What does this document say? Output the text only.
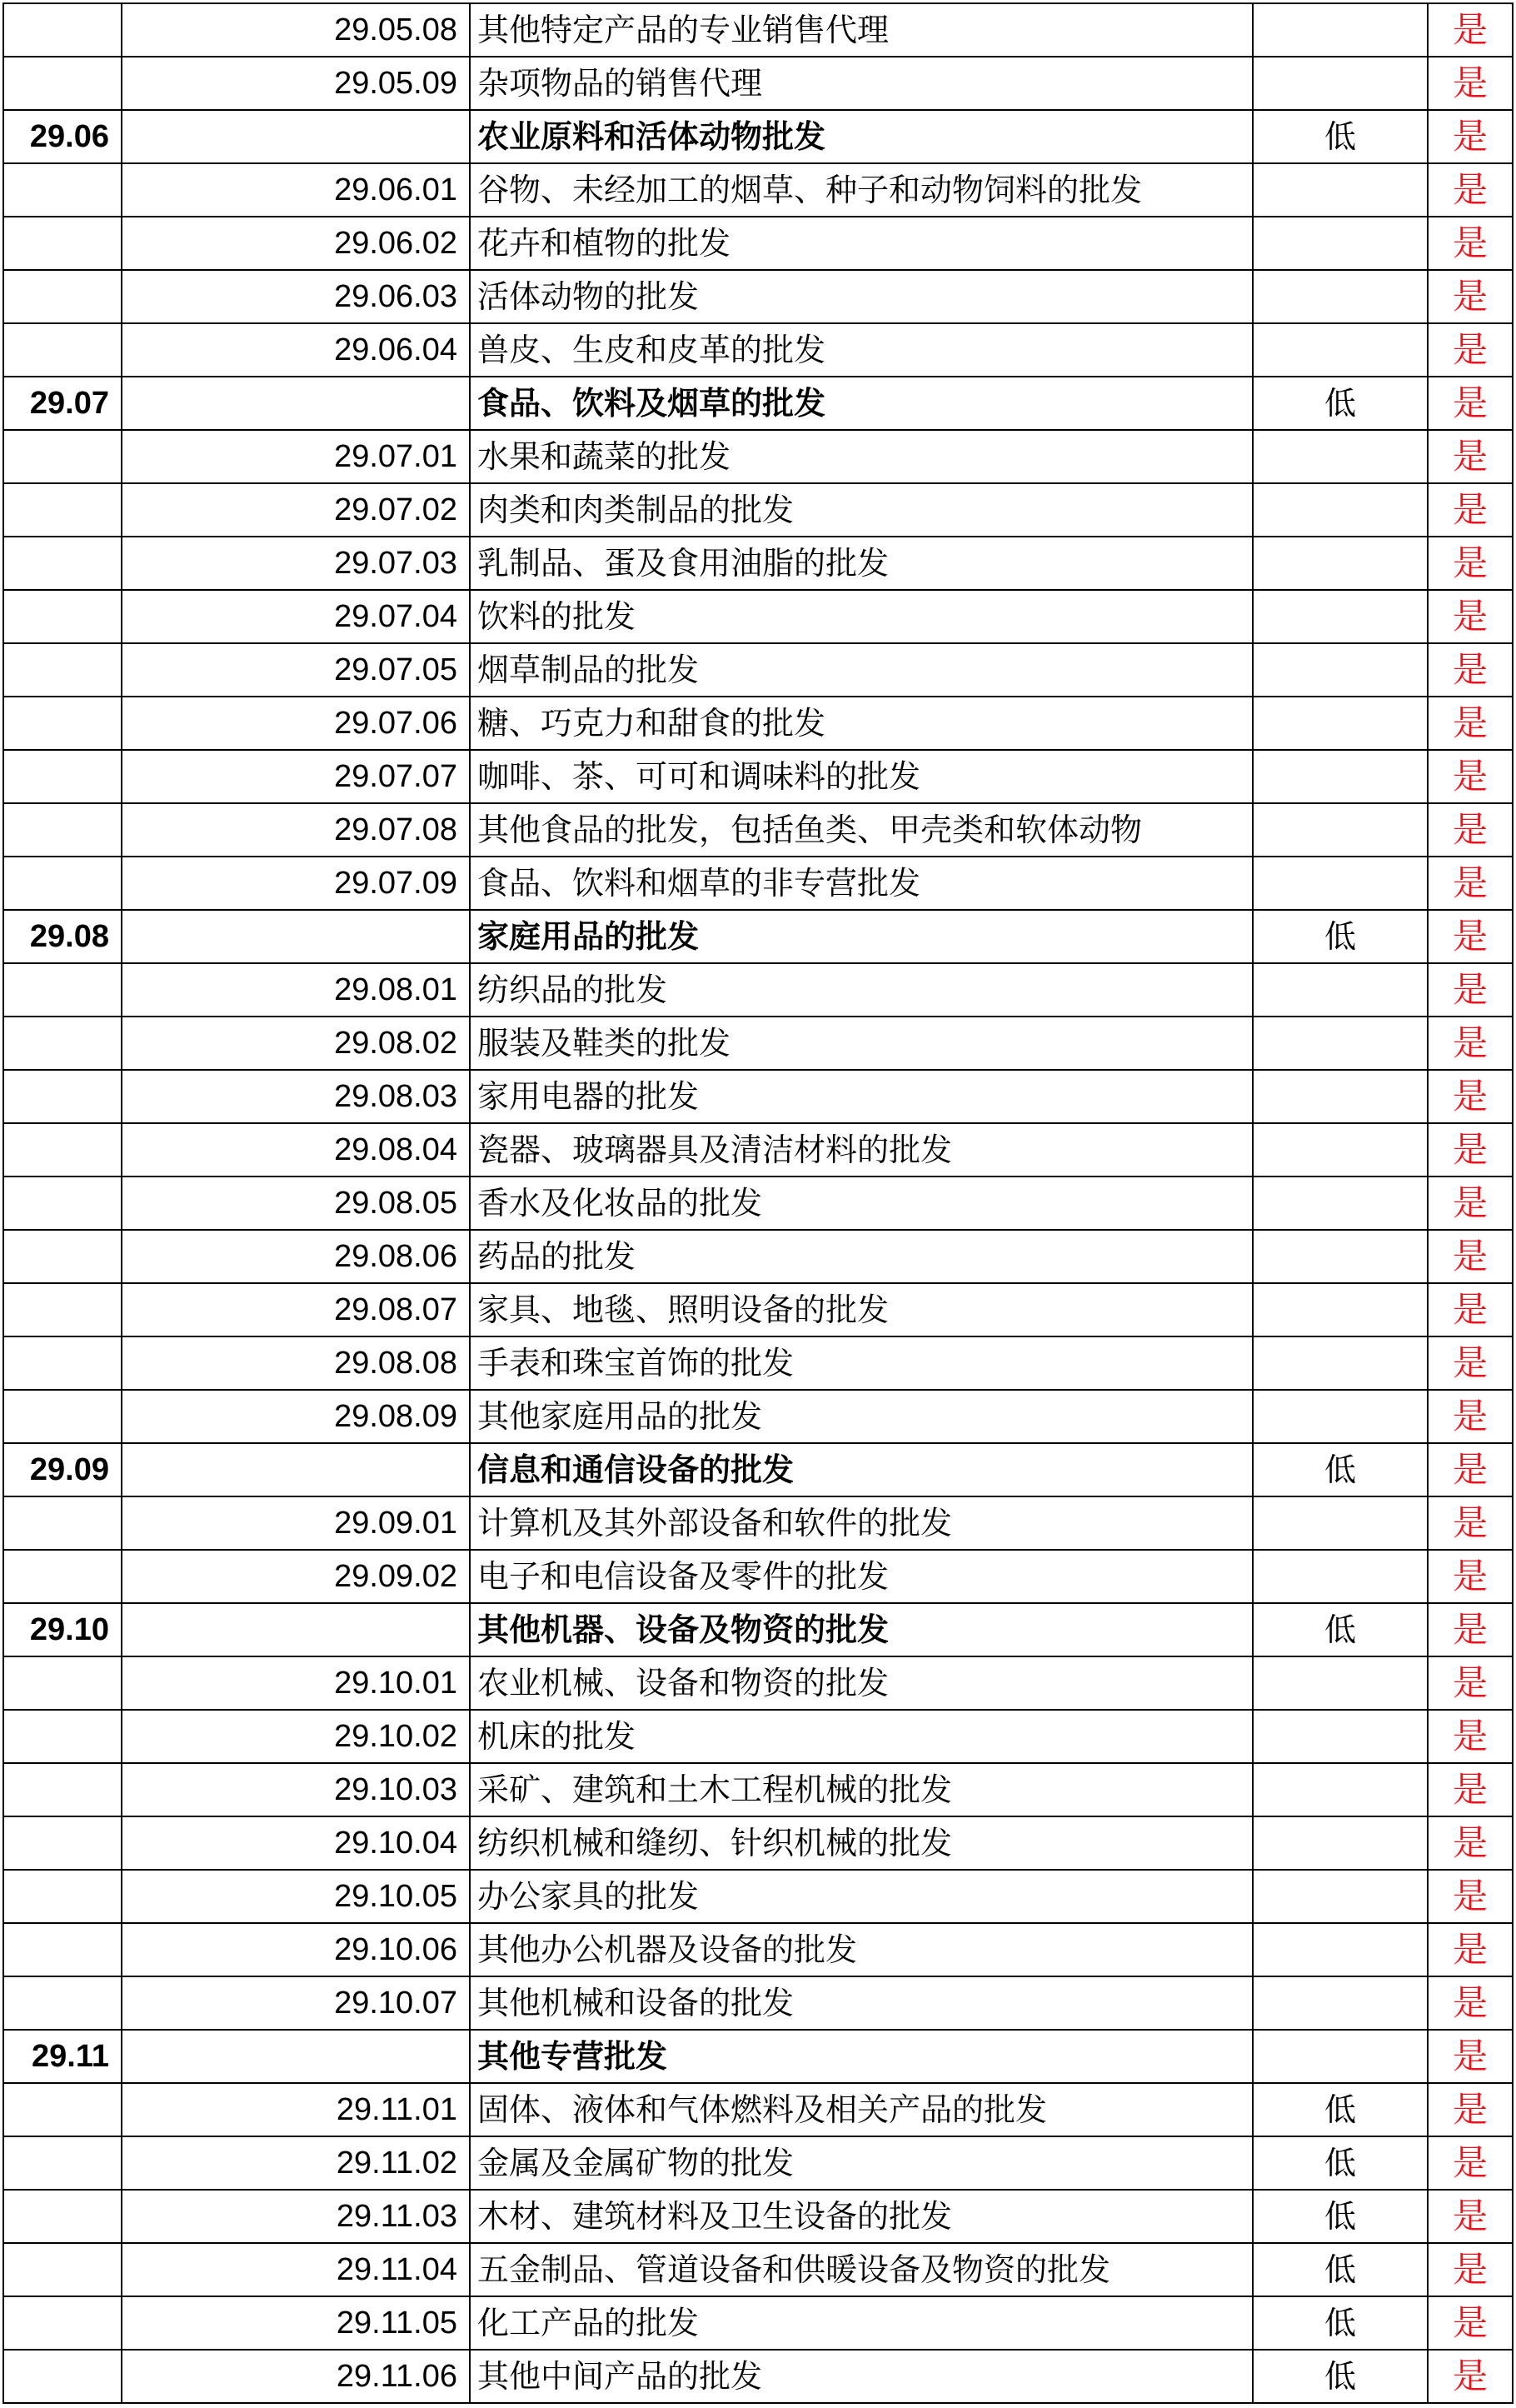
	29.05.08	其他特定产品的专业销售代理		是
	29.05.09	杂项物品的销售代理		是
29.06		农业原料和活体动物批发	低	是
	29.06.01	谷物、未经加工的烟草、种子和动物饲料的批发		是
	29.06.02	花卉和植物的批发		是
	29.06.03	活体动物的批发		是
	29.06.04	兽皮、生皮和皮革的批发		是
29.07		食品、饮料及烟草的批发	低	是
	29.07.01	水果和蔬菜的批发		是
	29.07.02	肉类和肉类制品的批发		是
	29.07.03	乳制品、蛋及食用油脂的批发		是
	29.07.04	饮料的批发		是
	29.07.05	烟草制品的批发		是
	29.07.06	糖、巧克力和甜食的批发		是
	29.07.07	咖啡、茶、可可和调味料的批发		是
	29.07.08	其他食品的批发，包括鱼类、甲壳类和软体动物		是
	29.07.09	食品、饮料和烟草的非专营批发		是
29.08		家庭用品的批发	低	是
	29.08.01	纺织品的批发		是
	29.08.02	服装及鞋类的批发		是
	29.08.03	家用电器的批发		是
	29.08.04	瓷器、玻璃器具及清洁材料的批发		是
	29.08.05	香水及化妆品的批发		是
	29.08.06	药品的批发		是
	29.08.07	家具、地毯、照明设备的批发		是
	29.08.08	手表和珠宝首饰的批发		是
	29.08.09	其他家庭用品的批发		是
29.09		信息和通信设备的批发	低	是
	29.09.01	计算机及其外部设备和软件的批发		是
	29.09.02	电子和电信设备及零件的批发		是
29.10		其他机器、设备及物资的批发	低	是
	29.10.01	农业机械、设备和物资的批发		是
	29.10.02	机床的批发		是
	29.10.03	采矿、建筑和土木工程机械的批发		是
	29.10.04	纺织机械和缝纫、针织机械的批发		是
	29.10.05	办公家具的批发		是
	29.10.06	其他办公机器及设备的批发		是
	29.10.07	其他机械和设备的批发		是
29.11		其他专营批发		是
	29.11.01	固体、液体和气体燃料及相关产品的批发	低	是
	29.11.02	金属及金属矿物的批发	低	是
	29.11.03	木材、建筑材料及卫生设备的批发	低	是
	29.11.04	五金制品、管道设备和供暖设备及物资的批发	低	是
	29.11.05	化工产品的批发	低	是
	29.11.06	其他中间产品的批发	低	是
